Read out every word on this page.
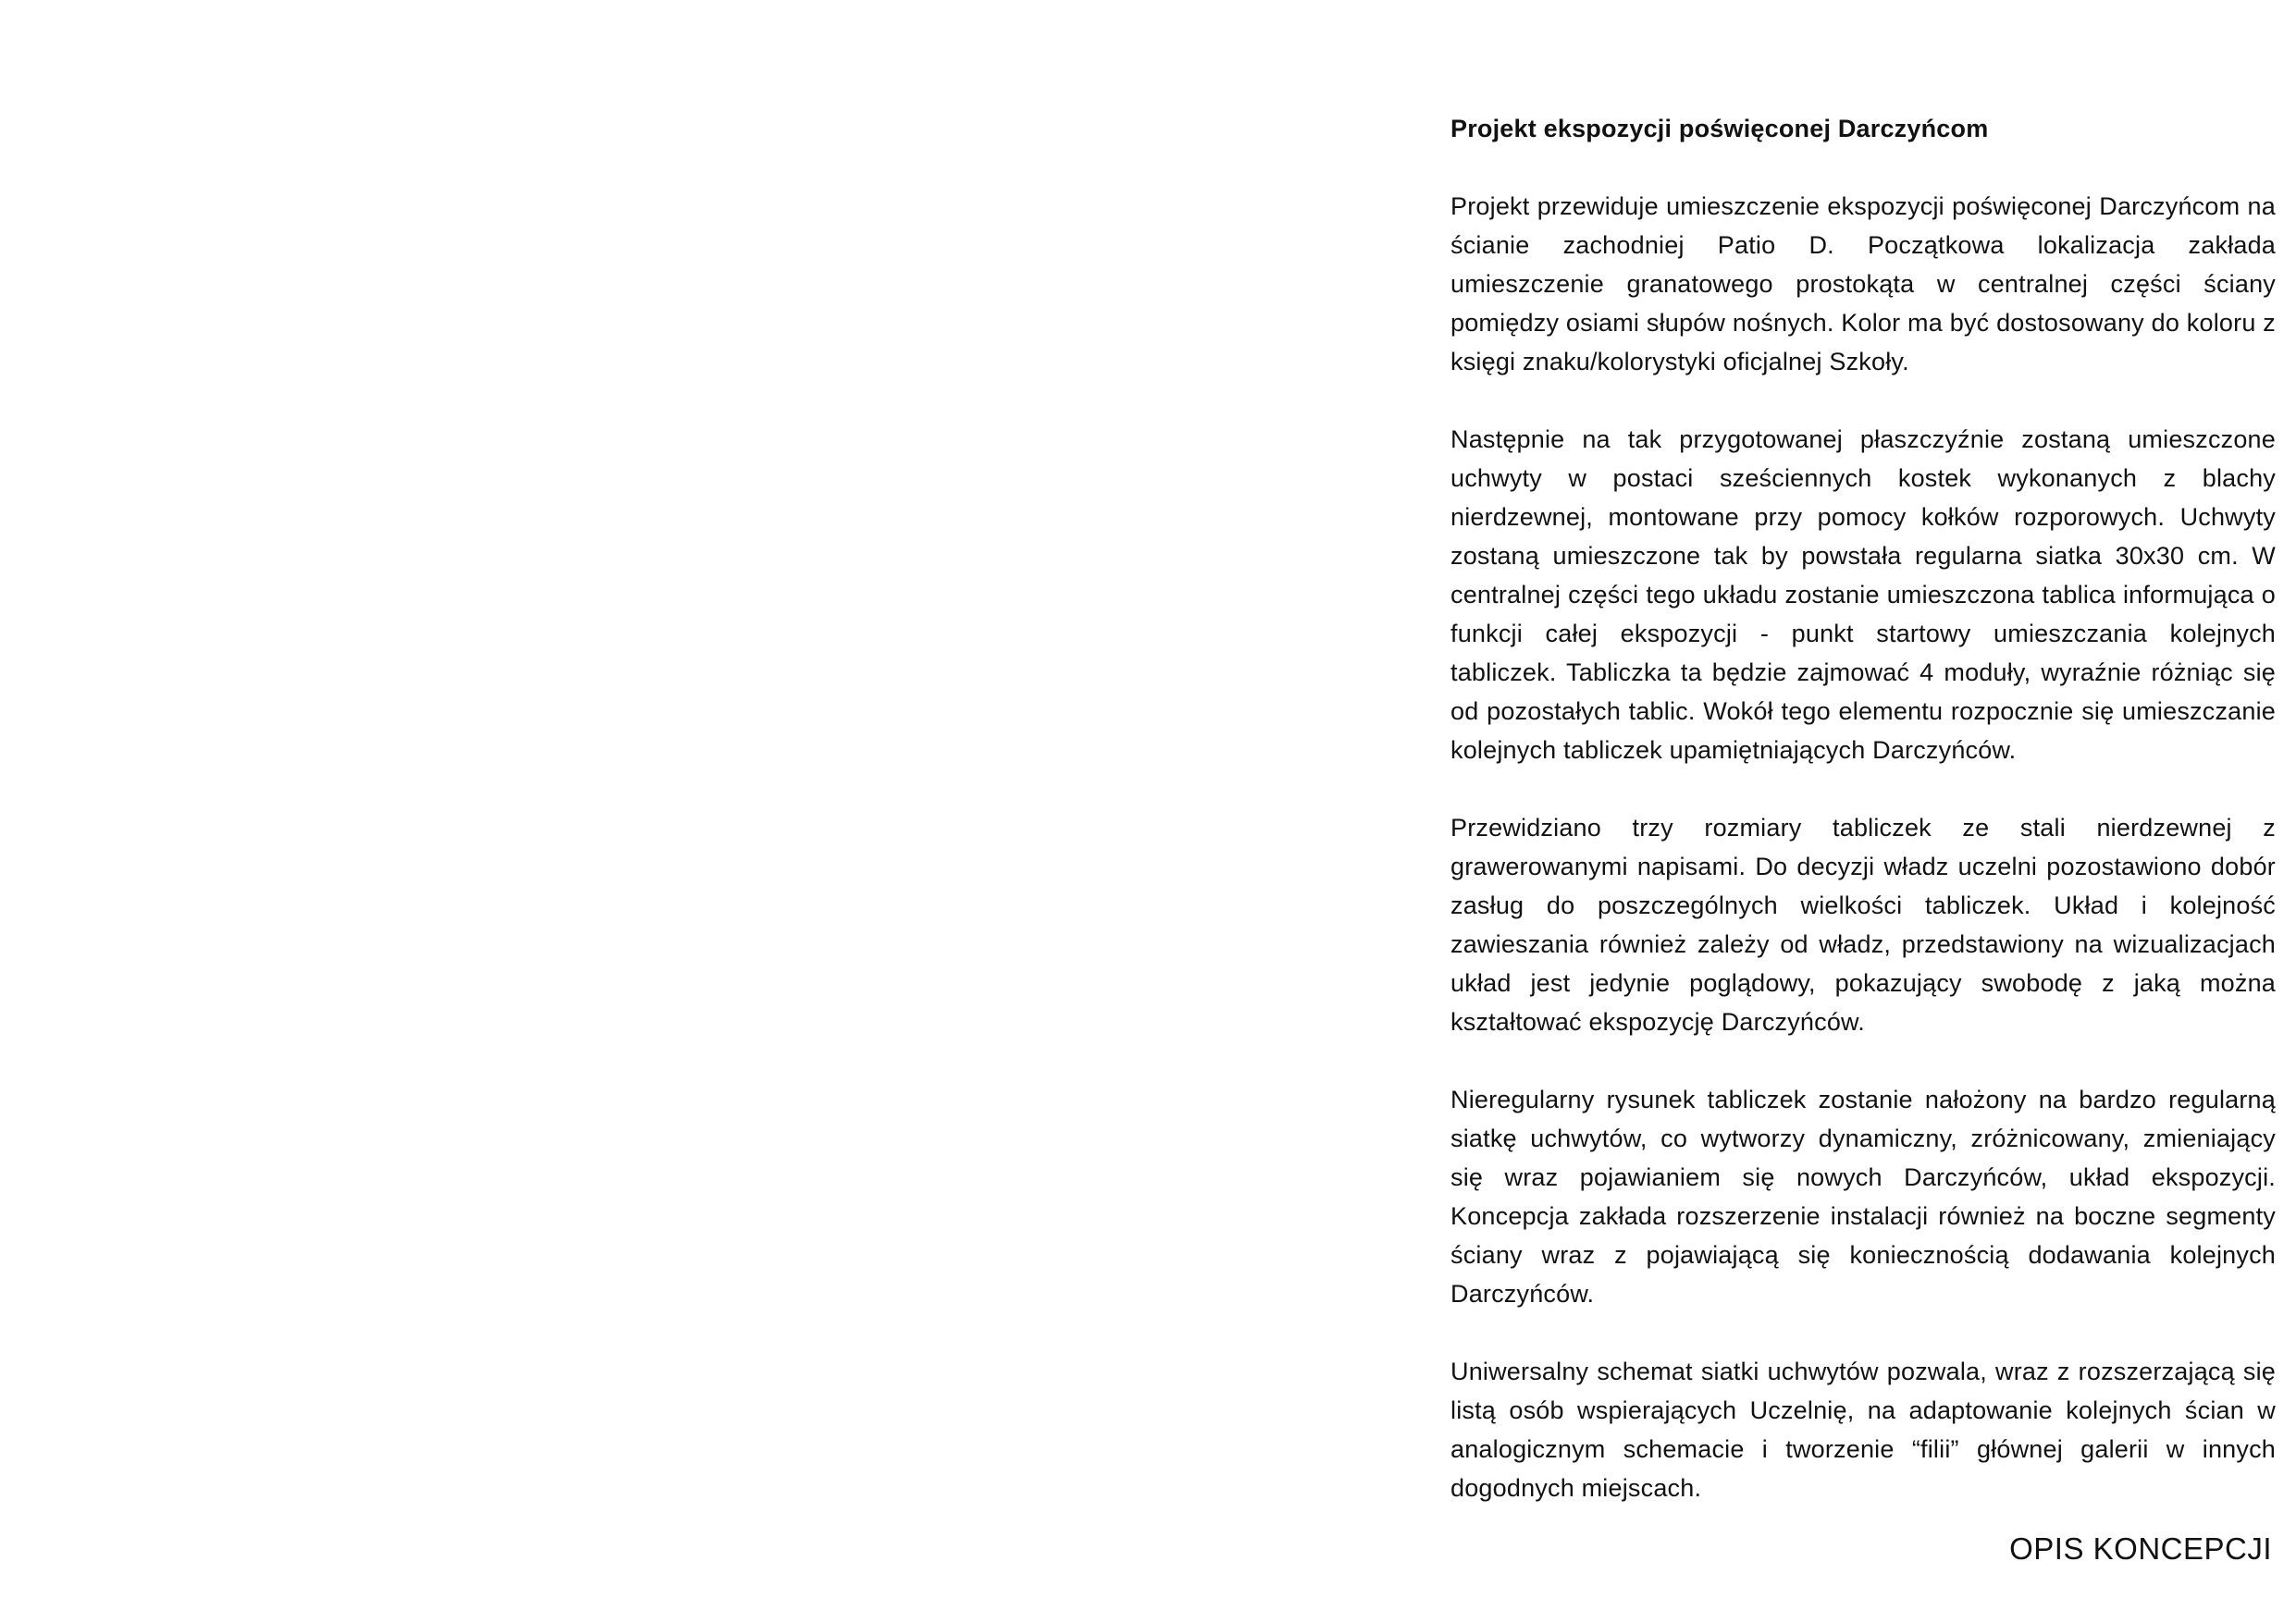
Projekt ekspozycji poświęconej Darczyńcom

Projekt przewiduje umieszczenie ekspozycji poświęconej Darczyńcom na ścianie zachodniej Patio D. Początkowa lokalizacja zakłada umieszczenie granatowego prostokąta w centralnej części ściany pomiędzy osiami słupów nośnych. Kolor ma być dostosowany do koloru z księgi znaku/kolorystyki oficjalnej Szkoły.

Następnie na tak przygotowanej płaszczyźnie zostaną umieszczone uchwyty w postaci sześciennych kostek wykonanych z blachy nierdzewnej, montowane przy pomocy kołków rozporowych. Uchwyty zostaną umieszczone tak by powstała regularna siatka 30x30 cm. W centralnej części tego układu zostanie umieszczona tablica informująca o funkcji całej ekspozycji - punkt startowy umieszczania kolejnych tabliczek. Tabliczka ta będzie zajmować 4 moduły, wyraźnie różniąc się od pozostałych tablic. Wokół tego elementu rozpocznie się umieszczanie kolejnych tabliczek upamiętniających Darczyńców.

Przewidziano trzy rozmiary tabliczek ze stali nierdzewnej z grawerowanymi napisami. Do decyzji władz uczelni pozostawiono dobór zasług do poszczególnych wielkości tabliczek. Układ i kolejność zawieszania również zależy od władz, przedstawiony na wizualizacjach układ jest jedynie poglądowy, pokazujący swobodę z jaką można kształtować ekspozycję Darczyńców.

Nieregularny rysunek tabliczek zostanie nałożony na bardzo regularną siatkę uchwytów, co wytworzy dynamiczny, zróżnicowany, zmieniający się wraz pojawianiem się nowych Darczyńców, układ ekspozycji. Koncepcja zakłada rozszerzenie instalacji również na boczne segmenty ściany wraz z pojawiającą się koniecznością dodawania kolejnych Darczyńców.

Uniwersalny schemat siatki uchwytów pozwala, wraz z rozszerzającą się listą osób wspierających Uczelnię, na adaptowanie kolejnych ścian w analogicznym schemacie i tworzenie “filii” głównej galerii w innych dogodnych miejscach.

OPIS KONCEPCJI
